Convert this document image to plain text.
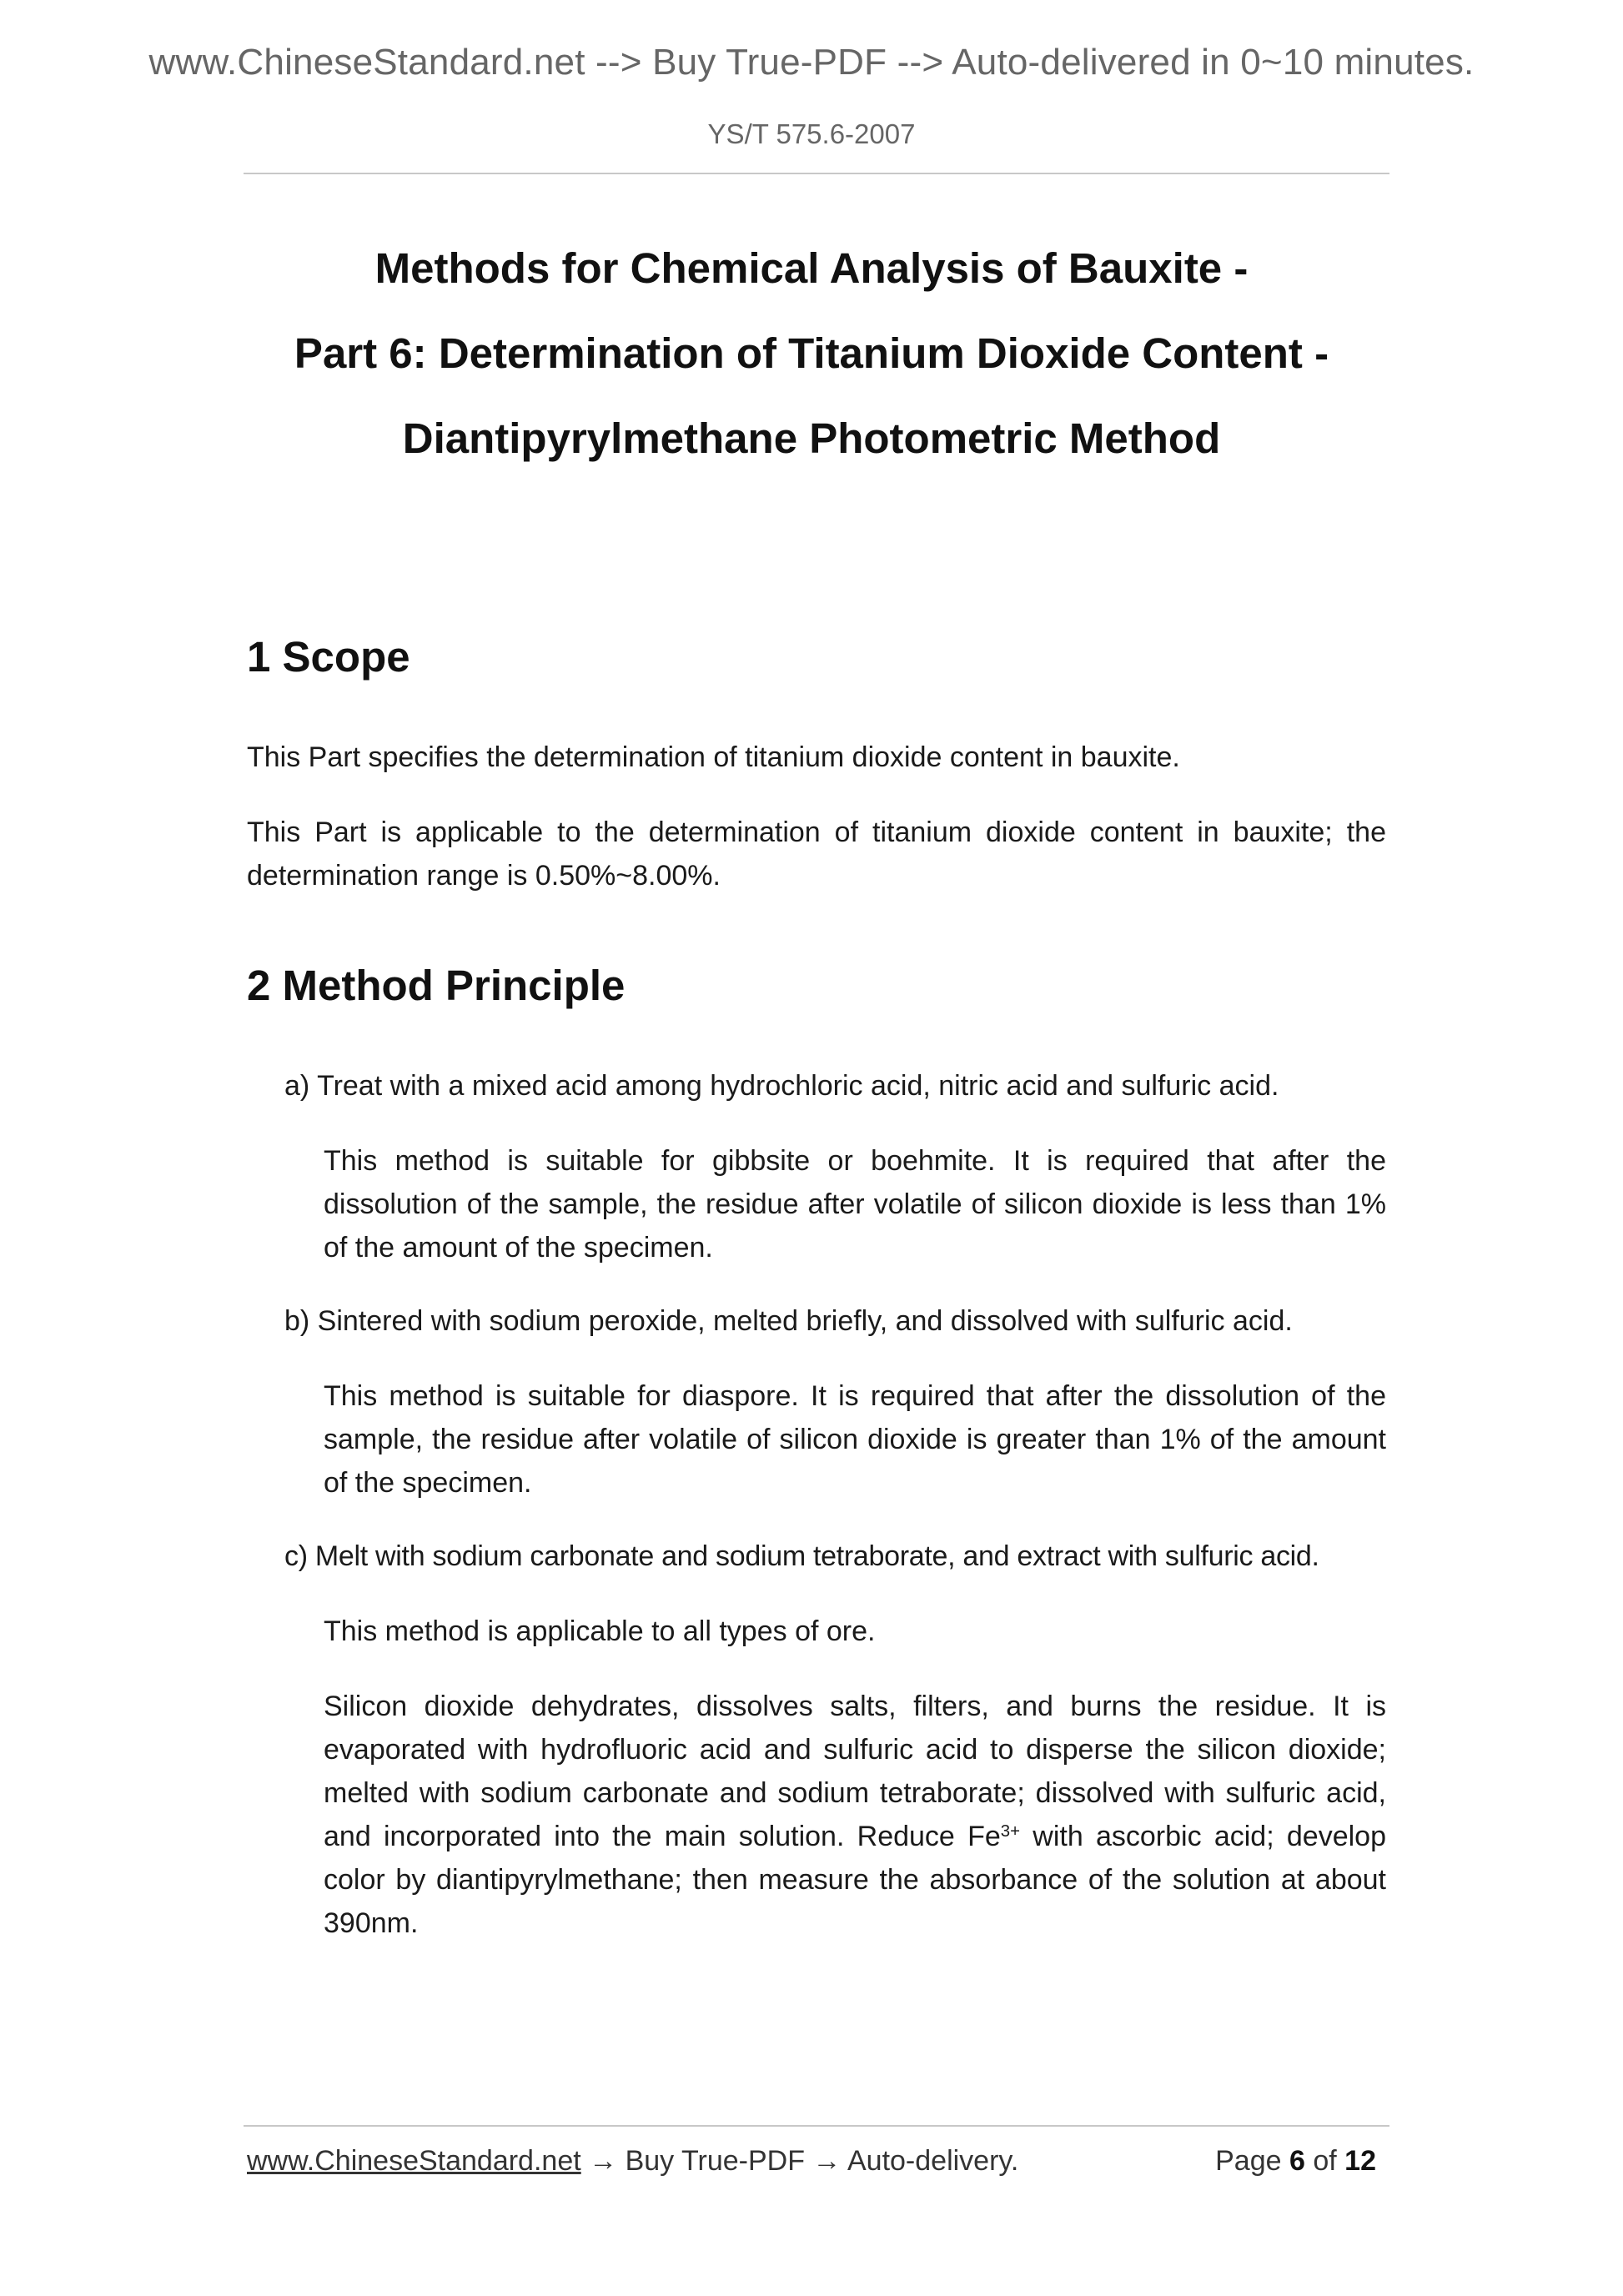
www.ChineseStandard.net --> Buy True-PDF --> Auto-delivered in 0~10 minutes.
YS/T 575.6-2007
Methods for Chemical Analysis of Bauxite -
Part 6: Determination of Titanium Dioxide Content -
Diantipyrylmethane Photometric Method
1 Scope
This Part specifies the determination of titanium dioxide content in bauxite.
This Part is applicable to the determination of titanium dioxide content in bauxite; the determination range is 0.50%~8.00%.
2 Method Principle
a) Treat with a mixed acid among hydrochloric acid, nitric acid and sulfuric acid.
This method is suitable for gibbsite or boehmite. It is required that after the dissolution of the sample, the residue after volatile of silicon dioxide is less than 1% of the amount of the specimen.
b) Sintered with sodium peroxide, melted briefly, and dissolved with sulfuric acid.
This method is suitable for diaspore. It is required that after the dissolution of the sample, the residue after volatile of silicon dioxide is greater than 1% of the amount of the specimen.
c) Melt with sodium carbonate and sodium tetraborate, and extract with sulfuric acid.
This method is applicable to all types of ore.
Silicon dioxide dehydrates, dissolves salts, filters, and burns the residue. It is evaporated with hydrofluoric acid and sulfuric acid to disperse the silicon dioxide; melted with sodium carbonate and sodium tetraborate; dissolved with sulfuric acid, and incorporated into the main solution. Reduce $Fe^{3+}$ with ascorbic acid; develop color by diantipyrylmethane; then measure the absorbance of the solution at about 390nm.
www.ChineseStandard.net → Buy True-PDF → Auto-delivery.	Page 6 of 12
